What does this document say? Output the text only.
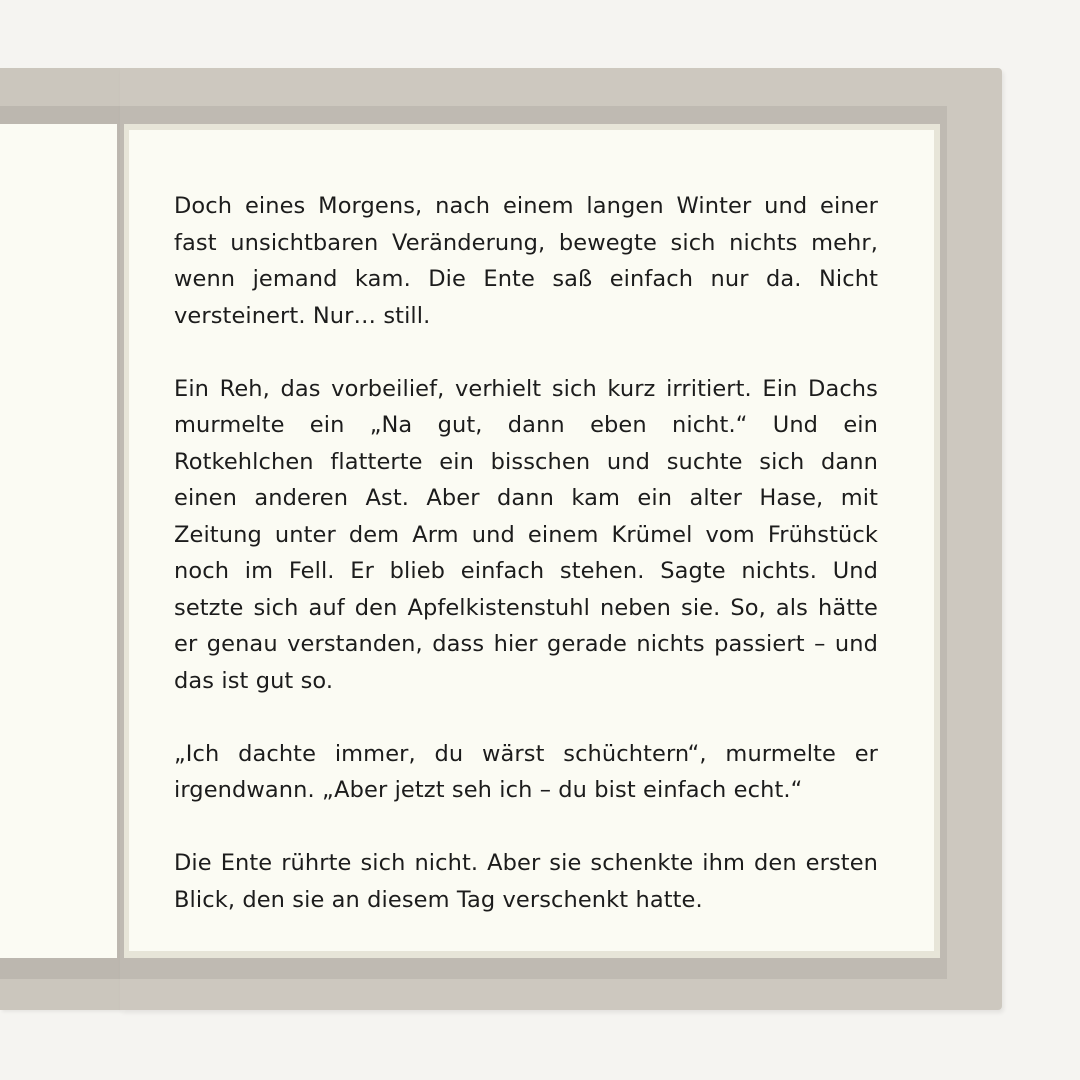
Doch eines Morgens, nach einem langen Winter und einer fast unsichtbaren Veränderung, bewegte sich nichts mehr, wenn jemand kam. Die Ente saß einfach nur da. Nicht versteinert. Nur… still.

Ein Reh, das vorbeilief, verhielt sich kurz irritiert. Ein Dachs murmelte ein „Na gut, dann eben nicht.“ Und ein Rotkehlchen flatterte ein bisschen und suchte sich dann einen anderen Ast. Aber dann kam ein alter Hase, mit Zeitung unter dem Arm und einem Krümel vom Frühstück noch im Fell. Er blieb einfach stehen. Sagte nichts. Und setzte sich auf den Apfelkistenstuhl neben sie. So, als hätte er genau verstanden, dass hier gerade nichts passiert – und das ist gut so.

„Ich dachte immer, du wärst schüchtern“, murmelte er irgendwann. „Aber jetzt seh ich – du bist einfach echt.“

Die Ente rührte sich nicht. Aber sie schenkte ihm den ersten Blick, den sie an diesem Tag verschenkt hatte.
